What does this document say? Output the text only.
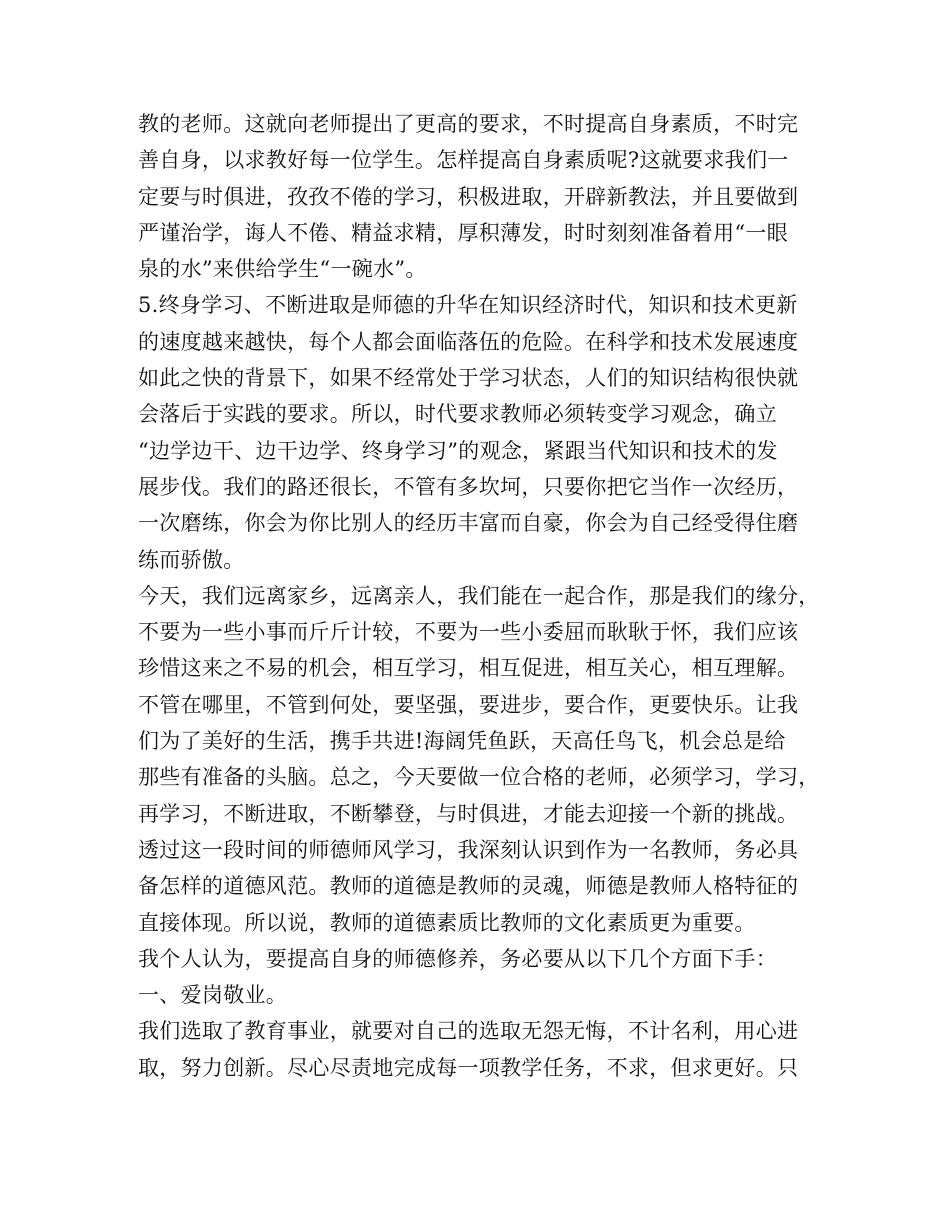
教的老师。这就向老师提出了更高的要求，不时提高自身素质，不时完
善自身，以求教好每一位学生。怎样提高自身素质呢?这就要求我们一
定要与时俱进，孜孜不倦的学习，积极进取，开辟新教法，并且要做到
严谨治学，诲人不倦、精益求精，厚积薄发，时时刻刻准备着用“一眼
泉的水”来供给学生“一碗水”。
5.终身学习、不断进取是师德的升华在知识经济时代，知识和技术更新
的速度越来越快，每个人都会面临落伍的危险。在科学和技术发展速度
如此之快的背景下，如果不经常处于学习状态，人们的知识结构很快就
会落后于实践的要求。所以，时代要求教师必须转变学习观念，确立
“边学边干、边干边学、终身学习”的观念，紧跟当代知识和技术的发
展步伐。我们的路还很长，不管有多坎坷，只要你把它当作一次经历，
一次磨练，你会为你比别人的经历丰富而自豪，你会为自己经受得住磨
练而骄傲。
今天，我们远离家乡，远离亲人，我们能在一起合作，那是我们的缘分，
不要为一些小事而斤斤计较，不要为一些小委屈而耿耿于怀，我们应该
珍惜这来之不易的机会，相互学习，相互促进，相互关心，相互理解。
不管在哪里，不管到何处，要坚强，要进步，要合作，更要快乐。让我
们为了美好的生活，携手共进!海阔凭鱼跃，天高任鸟飞，机会总是给
那些有准备的头脑。总之，今天要做一位合格的老师，必须学习，学习，
再学习，不断进取，不断攀登，与时俱进，才能去迎接一个新的挑战。
透过这一段时间的师德师风学习，我深刻认识到作为一名教师，务必具
备怎样的道德风范。教师的道德是教师的灵魂，师德是教师人格特征的
直接体现。所以说，教师的道德素质比教师的文化素质更为重要。
我个人认为，要提高自身的师德修养，务必要从以下几个方面下手：
一、爱岗敬业。
我们选取了教育事业，就要对自己的选取无怨无悔，不计名利，用心进
取，努力创新。尽心尽责地完成每一项教学任务，不求，但求更好。只
